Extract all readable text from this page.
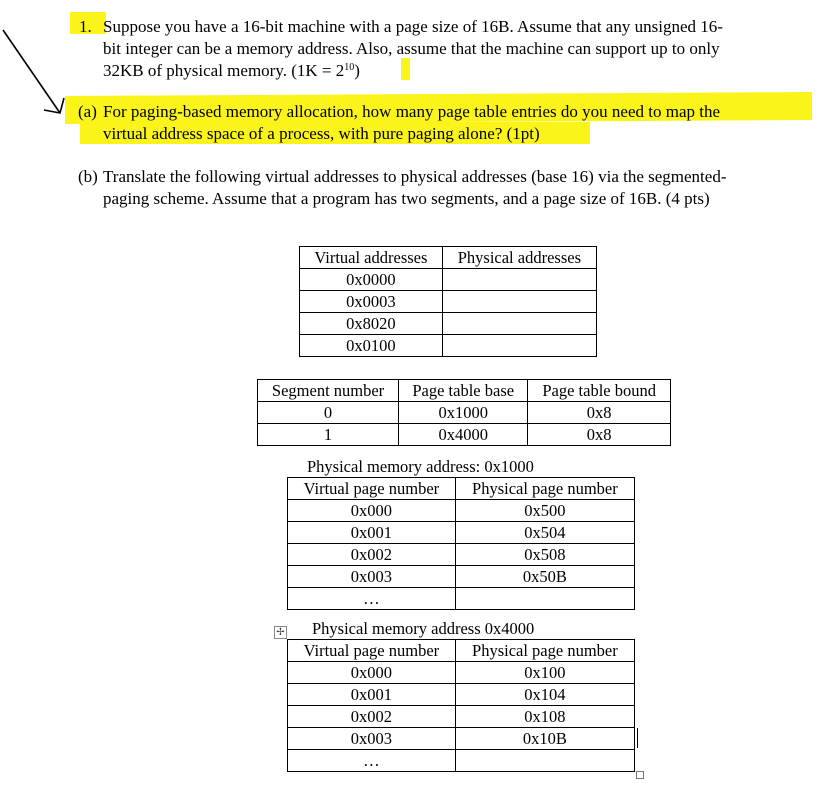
1. Suppose you have a 16-bit machine with a page size of 16B. Assume that any unsigned 16-
bit integer can be a memory address. Also, assume that the machine can support up to only
32KB of physical memory. $(1K = 2^{10})$
(a) For paging-based memory allocation, how many page table entries do you need to map the
virtual address space of a process, with pure paging alone? (1pt)
(b) Translate the following virtual addresses to physical addresses (base 16) via the segmented-
paging scheme. Assume that a program has two segments, and a page size of 16B. (4 pts)
Virtual addresses	Physical addresses
0x0000	
0x0003	
0x8020	
0x0100	
Segment number	Page table base	Page table bound
0	0x1000	0x8
1	0x4000	0x8
Physical memory address: 0x1000
Virtual page number	Physical page number
0x000	0x500
0x001	0x504
0x002	0x508
0x003	0x50B
…	
✢ Physical memory address 0x4000
Virtual page number	Physical page number
0x000	0x100
0x001	0x104
0x002	0x108
0x003	0x10B
…	
